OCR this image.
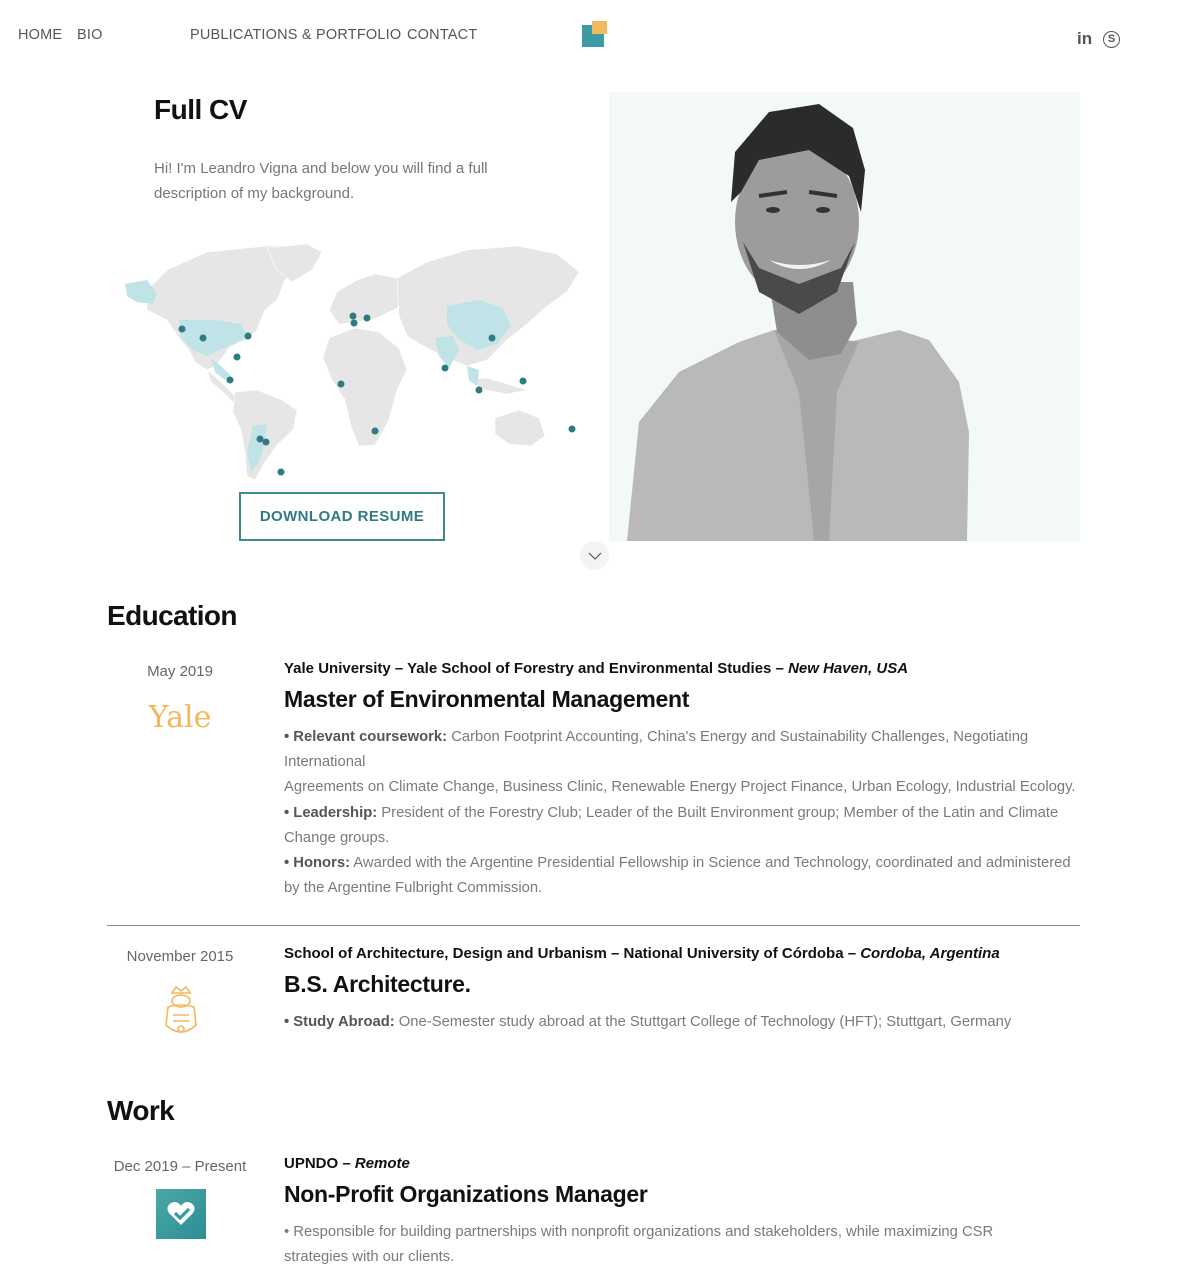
HOME BIO	PUBLICATIONS & PORTFOLIO CONTACT	in	S
Full CV

Hi! I'm Leandro Vigna and below you will find a full description of my background.

DOWNLOAD RESUME
Education
May 2019
Yale
Yale University – Yale School of Forestry and Environmental Studies – New Haven, USA
Master of Environmental Management
• Relevant coursework: Carbon Footprint Accounting, China's Energy and Sustainability Challenges, Negotiating International
Agreements on Climate Change, Business Clinic, Renewable Energy Project Finance, Urban Ecology, Industrial Ecology.
• Leadership: President of the Forestry Club; Leader of the Built Environment group; Member of the Latin and Climate Change groups.
• Honors: Awarded with the Argentine Presidential Fellowship in Science and Technology, coordinated and administered by the Argentine Fulbright Commission.
November 2015	School of Architecture, Design and Urbanism – National University of Córdoba – Cordoba, Argentina
B.S. Architecture.
• Study Abroad: One-Semester study abroad at the Stuttgart College of Technology (HFT); Stuttgart, Germany
Work
Dec 2019 – Present	UPNDO – Remote
Non-Profit Organizations Manager
• Responsible for building partnerships with nonprofit organizations and stakeholders, while maximizing CSR strategies with our clients.
